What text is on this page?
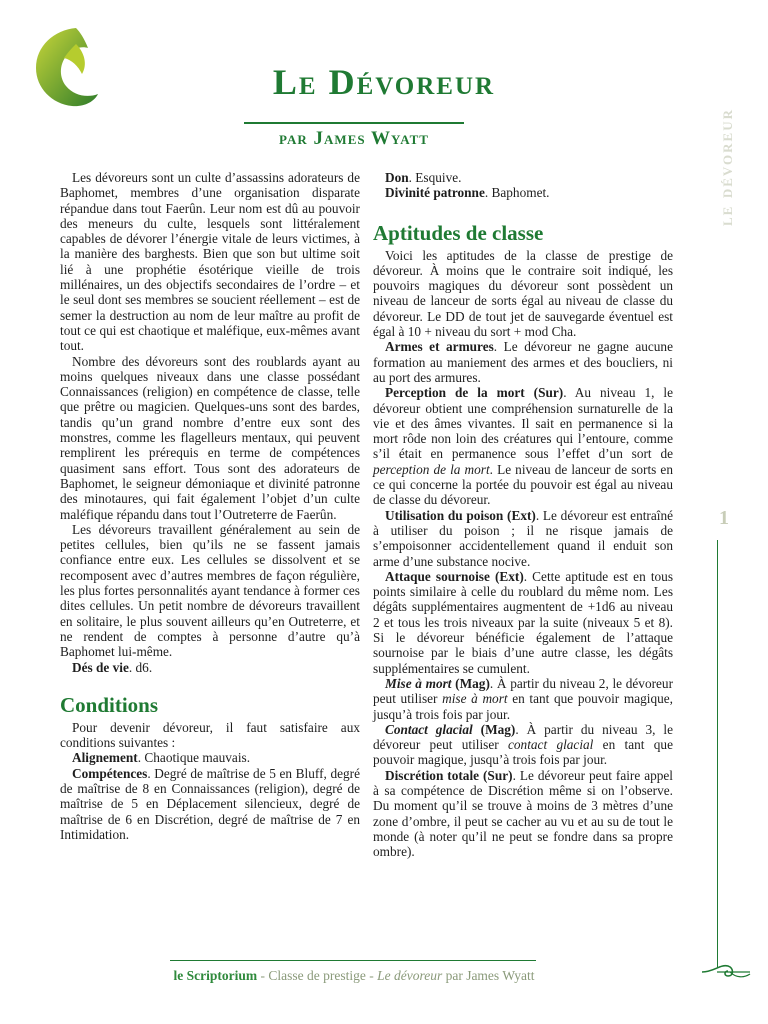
Le Dévoreur
par James Wyatt	le dévoreur
1

Les dévoreurs sont un culte d’assassins adorateurs de Baphomet, membres d’une organisation disparate répandue dans tout Faerûn. Leur nom est dû au pouvoir des meneurs du culte, lesquels sont littéralement capables de dévorer l’énergie vitale de leurs victimes, à la manière des barghests. Bien que son but ultime soit lié à une prophétie ésotérique vieille de trois millénaires, un des objectifs secondaires de l’ordre – et le seul dont ses membres se soucient réellement – est de semer la destruction au nom de leur maître au profit de tout ce qui est chaotique et maléfique, eux-mêmes avant tout.

Nombre des dévoreurs sont des roublards ayant au moins quelques niveaux dans une classe possédant Connaissances (religion) en compétence de classe, telle que prêtre ou magicien. Quelques-uns sont des bardes, tandis qu’un grand nombre d’entre eux sont des monstres, comme les flagelleurs mentaux, qui peuvent remplirent les prérequis en terme de compétences quasiment sans effort. Tous sont des adorateurs de Baphomet, le seigneur démoniaque et divinité patronne des minotaures, qui fait également l’objet d’un culte maléfique répandu dans tout l’Outreterre de Faerûn.

Les dévoreurs travaillent généralement au sein de petites cellules, bien qu’ils ne se fassent jamais confiance entre eux. Les cellules se dissolvent et se recomposent avec d’autres membres de façon régulière, les plus fortes personnalités ayant tendance à former ces dites cellules. Un petit nombre de dévoreurs travaillent en solitaire, le plus souvent ailleurs qu’en Outreterre, et ne rendent de comptes à personne d’autre qu’à Baphomet lui-même.

Dés de vie. d6.

Conditions

Pour devenir dévoreur, il faut satisfaire aux conditions suivantes :

Alignement. Chaotique mauvais.

Compétences. Degré de maîtrise de 5 en Bluff, degré de maîtrise de 8 en Connaissances (religion), degré de maîtrise de 5 en Déplacement silencieux, degré de maîtrise de 6 en Discrétion, degré de maîtrise de 7 en Intimidation.

Don. Esquive.

Divinité patronne. Baphomet.

Aptitudes de classe

Voici les aptitudes de la classe de prestige de dévoreur. À moins que le contraire soit indiqué, les pouvoirs magiques du dévoreur sont possèdent un niveau de lanceur de sorts égal au niveau de classe du dévoreur. Le DD de tout jet de sauvegarde éventuel est égal à 10 + niveau du sort + mod Cha.

Armes et armures. Le dévoreur ne gagne aucune formation au maniement des armes et des boucliers, ni au port des armures.

Perception de la mort (Sur). Au niveau 1, le dévoreur obtient une compréhension surnaturelle de la vie et des âmes vivantes. Il sait en permanence si la mort rôde non loin des créatures qui l’entoure, comme s’il était en permanence sous l’effet d’un sort de perception de la mort. Le niveau de lanceur de sorts en ce qui concerne la portée du pouvoir est égal au niveau de classe du dévoreur.

Utilisation du poison (Ext). Le dévoreur est entraîné à utiliser du poison ; il ne risque jamais de s’empoisonner accidentellement quand il enduit son arme d’une substance nocive.

Attaque sournoise (Ext). Cette aptitude est en tous points similaire à celle du roublard du même nom. Les dégâts supplémentaires augmentent de +1d6 au niveau 2 et tous les trois niveaux par la suite (niveaux 5 et 8). Si le dévoreur bénéficie également de l’attaque sournoise par le biais d’une autre classe, les dégâts supplémentaires se cumulent.

Mise à mort (Mag). À partir du niveau 2, le dévoreur peut utiliser mise à mort en tant que pouvoir magique, jusqu’à trois fois par jour.

Contact glacial (Mag). À partir du niveau 3, le dévoreur peut utiliser contact glacial en tant que pouvoir magique, jusqu’à trois fois par jour.

Discrétion totale (Sur). Le dévoreur peut faire appel à sa compétence de Discrétion même si on l’observe. Du moment qu’il se trouve à moins de 3 mètres d’une zone d’ombre, il peut se cacher au vu et au su de tout le monde (à noter qu’il ne peut se fondre dans sa propre ombre).

le Scriptorium - Classe de prestige - Le dévoreur par James Wyatt
